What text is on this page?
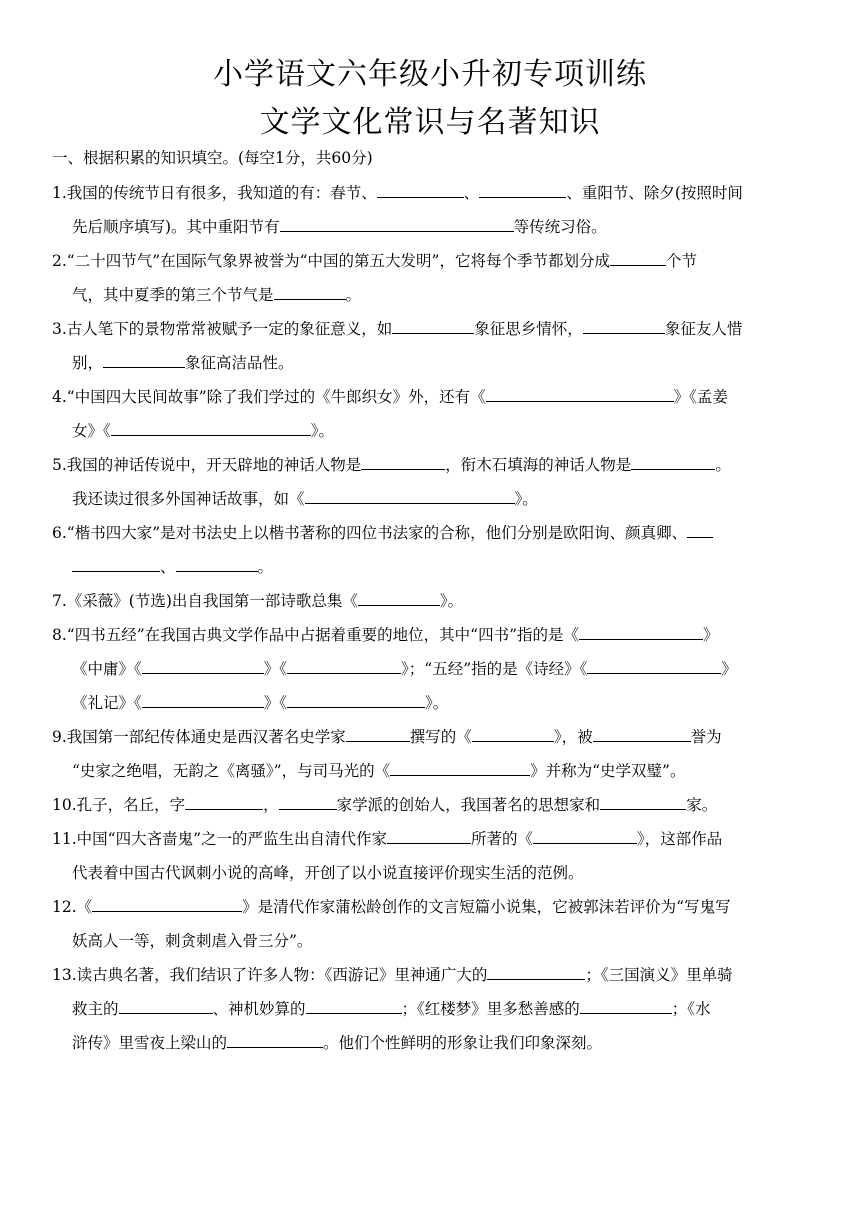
小学语文六年级小升初专项训练
文学文化常识与名著知识
一、根据积累的知识填空。(每空1分，共60分)
1.我国的传统节日有很多，我知道的有：春节、	、	、重阳节、除夕(按照时间
先后顺序填写)。其中重阳节有	等传统习俗。
2.“二十四节气”在国际气象界被誉为“中国的第五大发明”，它将每个季节都划分成	个节
气，其中夏季的第三个节气是	。
3.古人笔下的景物常常被赋予一定的象征意义，如	象征思乡情怀，	象征友人惜
别，	象征高洁品性。
4.“中国四大民间故事”除了我们学过的《牛郎织女》外，还有《	》《孟姜
女》《	》。
5.我国的神话传说中，开天辟地的神话人物是	，衔木石填海的神话人物是	。
我还读过很多外国神话故事，如《	》。
6.“楷书四大家”是对书法史上以楷书著称的四位书法家的合称，他们分别是欧阳询、颜真卿、
、	。
7.《采薇》(节选)出自我国第一部诗歌总集《	》。
8.“四书五经”在我国古典文学作品中占据着重要的地位，其中“四书”指的是《	》
《中庸》《	》《	》；“五经”指的是《诗经》《	》
《礼记》《	》《	》。
9.我国第一部纪传体通史是西汉著名史学家	撰写的《	》，被	誉为
“史家之绝唱，无韵之《离骚》”，与司马光的《	》并称为“史学双璧”。
10.孔子，名丘，字	，	家学派的创始人，我国著名的思想家和	家。
11.中国“四大吝啬鬼”之一的严监生出自清代作家	所著的《	》，这部作品
代表着中国古代讽刺小说的高峰，开创了以小说直接评价现实生活的范例。
12.《	》是清代作家蒲松龄创作的文言短篇小说集，它被郭沫若评价为“写鬼写
妖高人一等，刺贪刺虐入骨三分”。
13.读古典名著，我们结识了许多人物：《西游记》里神通广大的	；《三国演义》里单骑
救主的	、神机妙算的	；《红楼梦》里多愁善感的	；《水
浒传》里雪夜上梁山的	。他们个性鲜明的形象让我们印象深刻。
